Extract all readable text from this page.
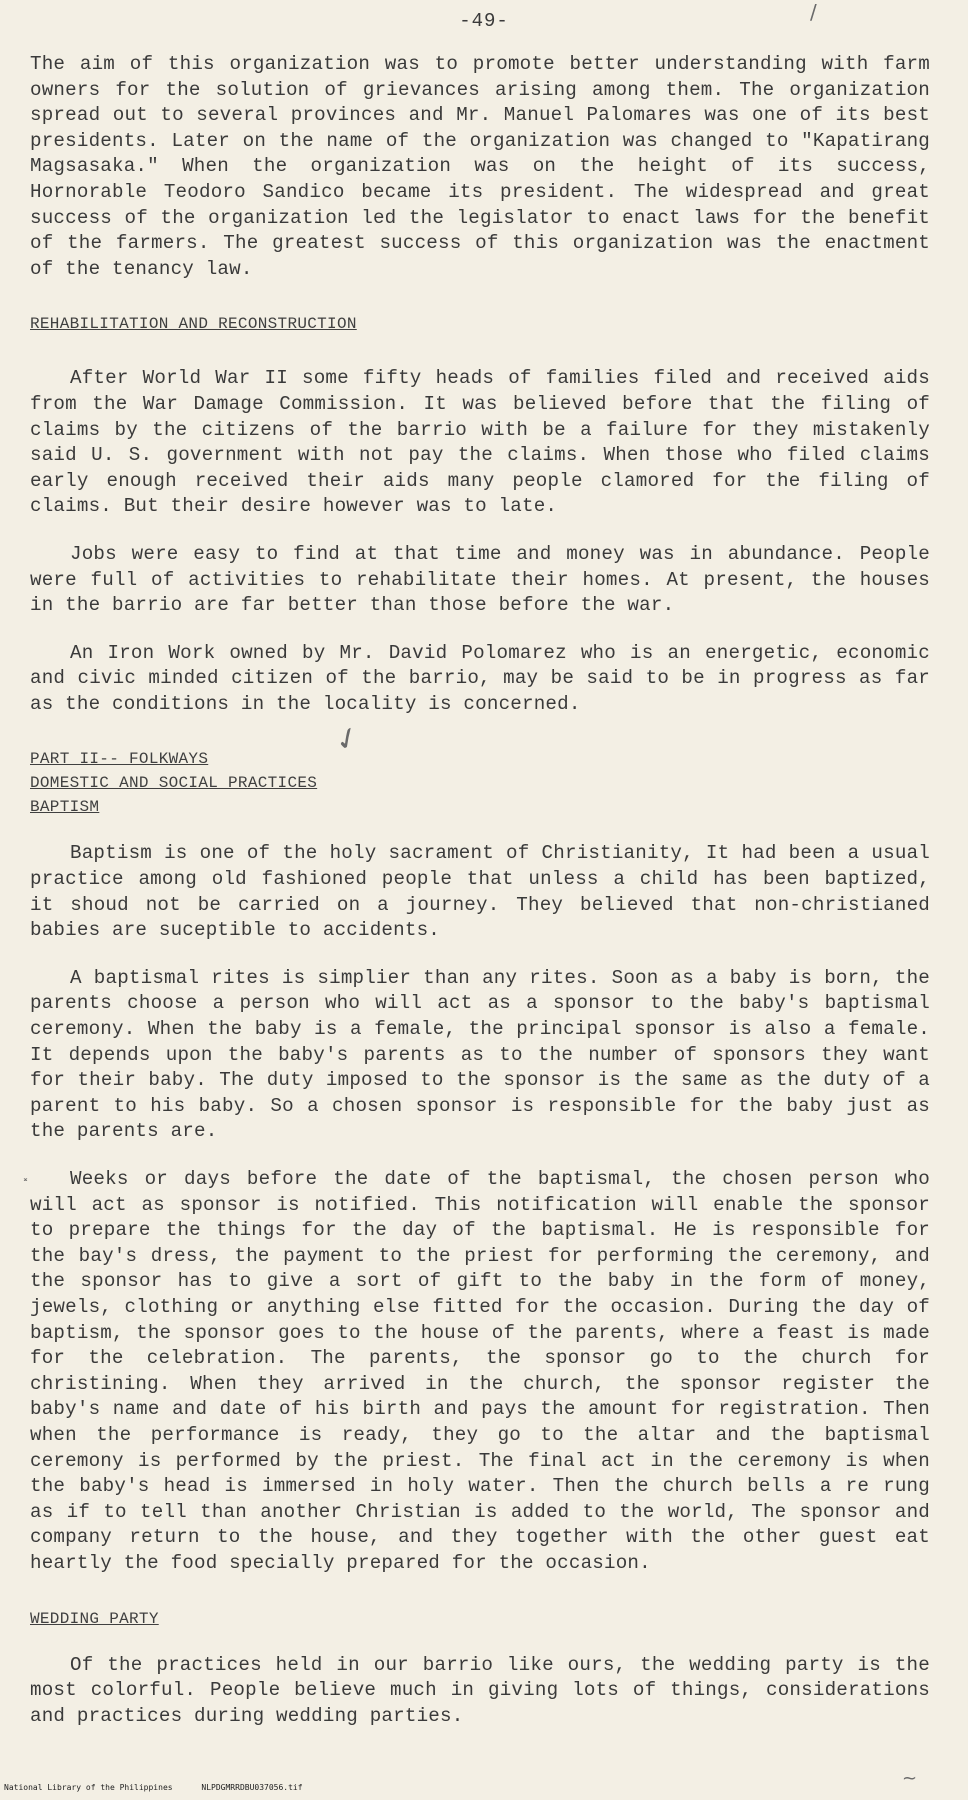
-49-	/
✓
˟
~

The aim of this organization was to promote better understanding with farm owners for the solution of grievances arising among them. The organization spread out to several provinces and Mr. Manuel Palomares was one of its best presidents. Later on the name of the organization was changed to "Kapatirang Magsasaka." When the organization was on the height of its success, Hornorable Teodoro Sandico became its president. The widespread and great success of the organization led the legislator to enact laws for the benefit of the farmers. The greatest success of this organization was the enactment of the tenancy law.

REHABILITATION AND RECONSTRUCTION

After World War II some fifty heads of families filed and received aids from the War Damage Commission. It was believed before that the filing of claims by the citizens of the barrio with be a failure for they mistakenly said U. S. government with not pay the claims. When those who filed claims early enough received their aids many people clamored for the filing of claims. But their desire however was to late.

Jobs were easy to find at that time and money was in abundance. People were full of activities to rehabilitate their homes. At present, the houses in the barrio are far better than those before the war.

An Iron Work owned by Mr. David Polomarez who is an energetic, economic and civic minded citizen of the barrio, may be said to be in progress as far as the conditions in the locality is concerned.

PART II-- FOLKWAYS
DOMESTIC AND SOCIAL PRACTICES
BAPTISM

Baptism is one of the holy sacrament of Christianity, It had been a usual practice among old fashioned people that unless a child has been baptized, it shoud not be carried on a journey. They believed that non-christianed babies are suceptible to accidents.

A baptismal rites is simplier than any rites. Soon as a baby is born, the parents choose a person who will act as a sponsor to the baby's baptismal ceremony. When the baby is a female, the principal sponsor is also a female. It depends upon the baby's parents as to the number of sponsors they want for their baby. The duty imposed to the sponsor is the same as the duty of a parent to his baby. So a chosen sponsor is responsible for the baby just as the parents are.

Weeks or days before the date of the baptismal, the chosen person who will act as sponsor is notified. This notification will enable the sponsor to prepare the things for the day of the baptismal. He is responsible for the bay's dress, the payment to the priest for performing the ceremony, and the sponsor has to give a sort of gift to the baby in the form of money, jewels, clothing or anything else fitted for the occasion. During the day of baptism, the sponsor goes to the house of the parents, where a feast is made for the celebration. The parents, the sponsor go to the church for christining. When they arrived in the church, the sponsor register the baby's name and date of his birth and pays the amount for registration. Then when the performance is ready, they go to the altar and the baptismal ceremony is performed by the priest. The final act in the ceremony is when the baby's head is immersed in holy water. Then the church bells a re rung as if to tell than another Christian is added to the world, The sponsor and company return to the house, and they together with the other guest eat heartly the food specially prepared for the occasion.

WEDDING PARTY

Of the practices held in our barrio like ours, the wedding party is the most colorful. People believe much in giving lots of things, considerations and practices during wedding parties.

National Library of the Philippines	NLPDGMRRDBU037056.tif
